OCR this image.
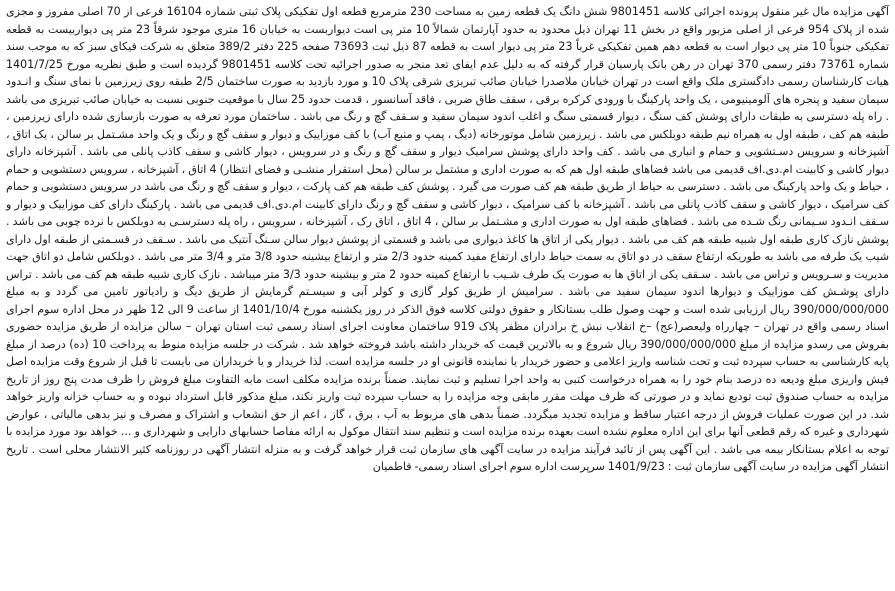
آگهی مزایده مال غیر منقول پرونده اجرائی کلاسه 9801451 شش دانگ یک قطعه زمین به مساحت 230 مترمربع قطعه اول تفکیکی پلاک ثبتی شماره 16104 فرعی از 70 اصلی مفروز و مجزی شده از پلاک 954 فرعی از اصلی مزبور واقع در بخش 11 تهران ذیل محدود به حدود آپارتمان شمالاً 10 متر پی است دیواربست به خیابان 16 متری موجود شرقاً 23 متر پی دیواربیست به قطعه تفکیکی جنوباً 10 متر پی دیوار است به قطعه دهم همین تفکیکی غرباً 23 متر پی دیوار است به قطعه 87 ذیل ثبت 73693 صفحه 225 دفتر 389/2 متعلق به شرکت فیکای سبز که به موجب سند شماره 73761 دفتر رسمی 370 تهران در رهن بانک پارسیان قرار گرفته که به دلیل عدم ایفای تعد منجر به صدور اجرائیه تحت کلاسه 9801451 گردیده است و طبق نظریه مورخ 1401/7/25 هیات کارشناسان رسمی دادگستری ملک واقع است در تهران خیابان ملاصدرا خیابان صائب تبریزی شرقی پلاک 10 و مورد بازدید به صورت ساختمان 2/5 طبقه روی زیرزمین با نمای سنگ و انـدود سیمان سفید و پنجره های آلومینیومی ، یک واحد پارکینگ با ورودی کرکره برقی ، سقف طاق ضربی ، فاقد آسانسور ، قدمت حدود 25 سال با موقعیت جنوبی نسبت به خیابان صائب تبریزی می باشد . راه پله دسترسی به طبقات دارای پوشش کف سنگ ، دیوار قسمتی سنگ و اغلب اندود سیمان سفید و سـقف گچ و رنگ می باشد . ساختمان مورد تعرفه به صورت بازسازی شده دارای زیرزمین ، طبقه هم کف ، طبقه اول به همراه نیم طبقه دوبلکس می باشد . زیرزمین شامل موتورخانه (دیگ ، پمپ و منبع آب) با کف موزاییک و دیوار و سقف گچ و رنگ و یک واحد مشـتمل بر سالن ، یک اتاق ، آشپزخانه و سرویس دسـتشویی و حمام و انباری می باشد . کف واحد دارای پوشش سرامیک دیوار و سقف گچ و رنگ و در سرویس ، دیوار کاشی و سقف کاذب پانلی می باشد . آشپزخانه دارای دیوار کاشی و کابینت ام.دی.اف قدیمی می باشد فضاهای طبقه اول هم که به صورت اداری و مشتمل بر سالن (محل استقرار منشـی و فضای انتظار) 4 اتاق ، آشپزخانه ، سرویس دستشویی و حمام ، حیاط و یک واحد پارکینگ می باشد . دسترسی به حیاط از طریق طبقه هم کف صورت می گیرد . پوشش کف طبقه هم کف پارکت ، دیوار و سقف گچ و رنگ می باشد در سرویس دستشویی و حمام کف سرامیک ، دیوار کاشی و سقف کاذب پانلی می باشد . آشپزخانه با کف سرامیک ، دیوار کاشی و سقف گچ و رنگ دارای کابینت ام.دی.اف قدیمی می باشد . پارکینگ دارای کف موزاییک و دیوار و سـقف انـدود سـیمانی رنگ شـده می باشد . فضاهای طبقه اول به صورت اداری و مشـتمل بر سالن ، 4 اتاق ، اتاق رک ، آشپزخانه ، سرویس ، راه پله دسترسـی به دوبلکس با نرده چوبی می باشد . پوشش نازک کاری طبقه اول شبیه طبقه هم کف می باشد . دیوار یکی از اتاق ها کاغذ دیواری می باشد و قسمتی از پوشش دیوار سالن سـنگ آنتیک می باشد . سـقف در قسـمتی از طبقه اول دارای شیب یک طرفه می باشد به طوریکه ارتفاع سقف در دو اتاق به سمت حیاط دارای ارتفاع مفید کمینه حدود 2/3 متر و ارتفاع بیشینه حدود 3/8 متر و 3/4 متر می باشد . دوبلکس شامل دو اتاق جهت مدیریت و سـرویس و تراس می باشد . سـقف یکی از اتاق ها به صورت یک طرف شـیب با ارتفاع کمینه حدود 2 متر و بیشینه حدود 3/3 متر میباشد . نازک کاری شبیه طبقه هم کف می باشد . تراس دارای پوشـش کف موزاییک و دیوارها اندود سیمان سفید می باشد . سرامیش از طریق کولر گازی و کولر آبی و سیسـتم گرمایش از طریق دیگ و رادیاتور تامین می گردد و به مبلغ 390/000/000/000 ریال ارزیابی شده است و جهت وصول طلب بستانکار و حقوق دولتی کلاسه فوق الذکر در روز یکشنبه مورخ 1401/10/4 از ساعت 9 الی 12 ظهر در محل اداره سوم اجرای اسناد رسمی واقع در تهران – چهارراه ولیعصر(عج) –خ انقلاب نبش خ برادران مظفر پلاک 919 ساختمان معاونت اجرای اسناد رسمی ثبت استان تهران – سالن مزایده از طریق مزایده حضوری بفروش می رسدو مزایده از مبلغ 390/000/000/000 ریال شروع و به بالاترین قیمت که خریدار داشته باشد فروخته خواهد شد . شرکت در جلسه مزایده منوط به پرداخت 10 (ده) درصد از مبلغ پایه کارشناسی به حساب سپرده ثبت و تحت شناسه واریز اعلامی و حضور خریدار یا نماینده قانونی او در جلسه مزایده است. لذا خریدار و یا خریداران می بایست تا قبل از شروع وقت مزایده اصل فیش واریزی مبلغ ودیعه ده درصد بنام خود را به همراه درخواست کتبی به واحد اجرا تسلیم و ثبت نمایند. ضمناً برنده مزایده مکلف است مابه التفاوت مبلغ فروش را ظرف مدت پنج روز از تاریخ مزایده به حساب صندوق ثبت تودیع نماید و در صورتی که ظرف مهلت مقرر مابقی وجه مزایده را به حساب سپرده ثبت واریز نکند، مبلغ مذکور قابل استرداد نبوده و به حساب خزانه واریز خواهد شد. در این صورت عملیات فروش از درجه اعتبار ساقط و مزایده تجدید میگردد. ضمناً بدهی های مربوط به آب ، برق ، گاز ، اعم از حق انشعاب و اشتراک و مصرف و نیز بدهی مالیاتی ، عوارض شهرداری و غیره که رقم قطعی آنها برای این اداره معلوم نشده است بعهده برنده مزایده است و تنظیم سند انتقال موکول به ارائه مفاصا حسابهای دارایی و شهرداری و ... خواهد بود مورد مزایده با توجه به اعلام بستانکار بیمه می باشد . این آگهی پس از تائید فرآیند مزایده در سایت آگهی های سازمان ثبت قرار خواهد گرفت و به منزله انتشار آگهی در روزنامه کثیر الانتشار محلی است . تاریخ انتشار آگهی مزایده در سایت آگهی سازمان ثبت : 1401/9/23 سرپرست اداره سوم اجرای اسناد رسمی- فاطمیان
